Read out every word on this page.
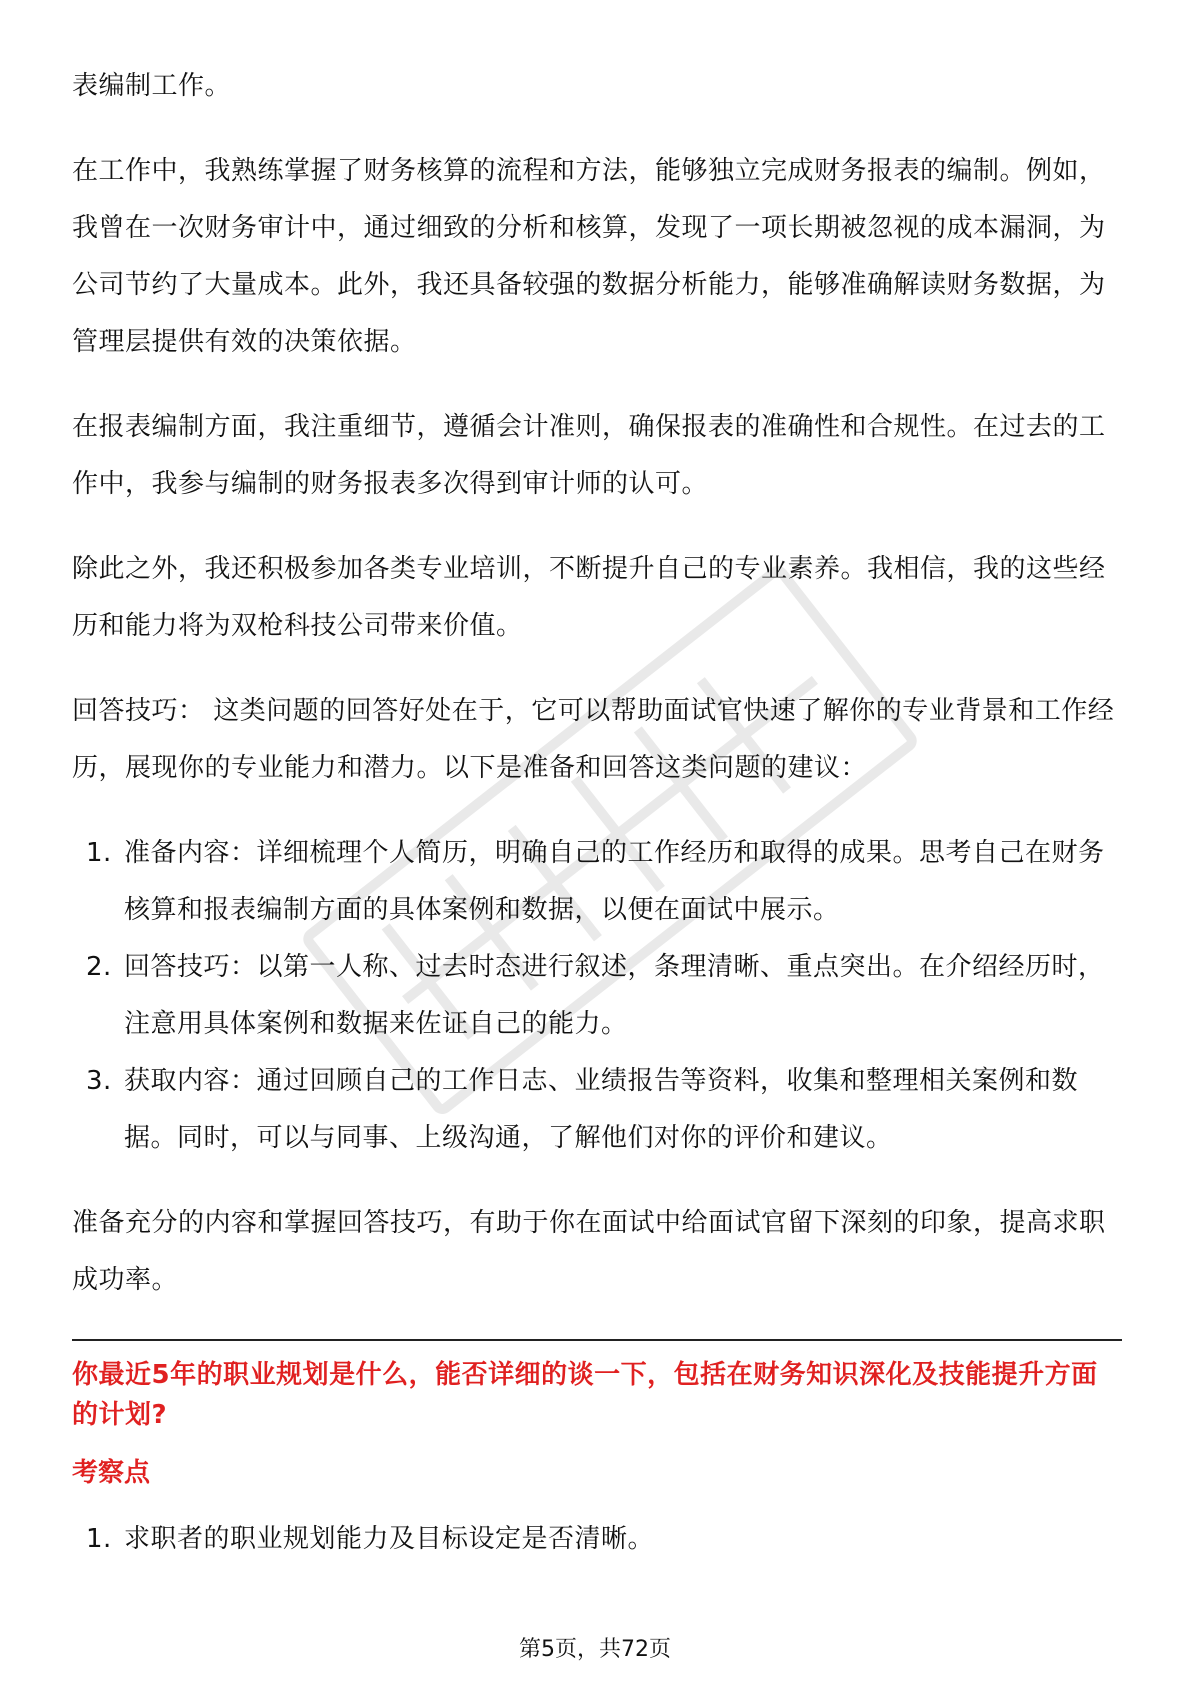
表编制工作。

在工作中，我熟练掌握了财务核算的流程和方法，能够独立完成财务报表的编制。例如，我曾在一次财务审计中，通过细致的分析和核算，发现了一项长期被忽视的成本漏洞，为公司节约了大量成本。此外，我还具备较强的数据分析能力，能够准确解读财务数据，为管理层提供有效的决策依据。

在报表编制方面，我注重细节，遵循会计准则，确保报表的准确性和合规性。在过去的工作中，我参与编制的财务报表多次得到审计师的认可。

除此之外，我还积极参加各类专业培训，不断提升自己的专业素养。我相信，我的这些经历和能力将为双枪科技公司带来价值。

回答技巧： 这类问题的回答好处在于，它可以帮助面试官快速了解你的专业背景和工作经历，展现你的专业能力和潜力。以下是准备和回答这类问题的建议：

1. 准备内容：详细梳理个人简历，明确自己的工作经历和取得的成果。思考自己在财务核算和报表编制方面的具体案例和数据，以便在面试中展示。
2. 回答技巧：以第一人称、过去时态进行叙述，条理清晰、重点突出。在介绍经历时，注意用具体案例和数据来佐证自己的能力。
3. 获取内容：通过回顾自己的工作日志、业绩报告等资料，收集和整理相关案例和数据。同时，可以与同事、上级沟通，了解他们对你的评价和建议。

准备充分的内容和掌握回答技巧，有助于你在面试中给面试官留下深刻的印象，提高求职成功率。

你最近5年的职业规划是什么，能否详细的谈一下，包括在财务知识深化及技能提升方面的计划?
考察点
1. 求职者的职业规划能力及目标设定是否清晰。
第5页，共72页
